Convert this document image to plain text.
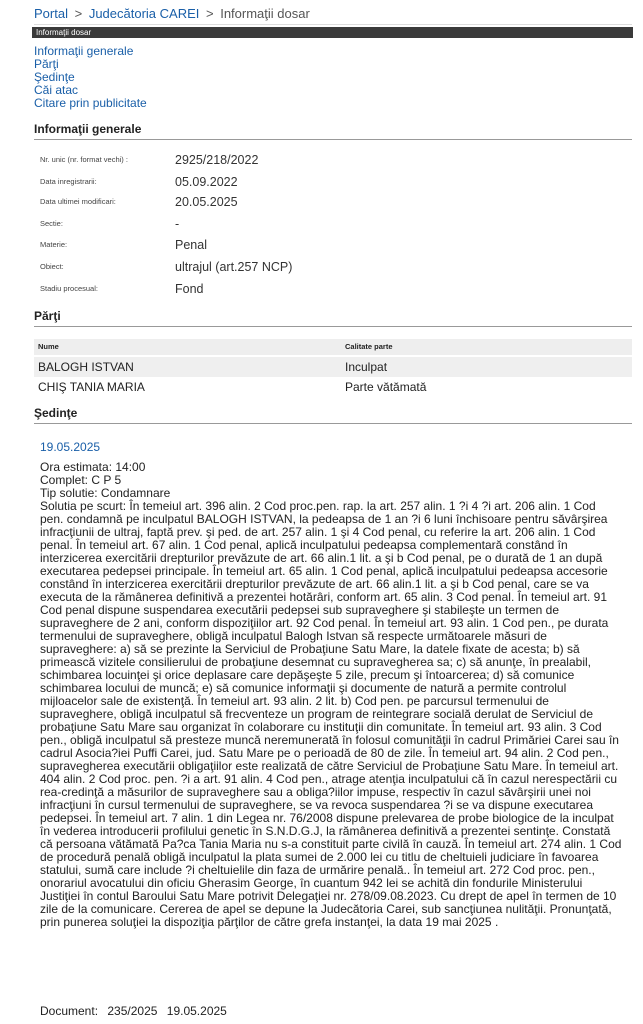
Portal > Judecătoria CAREI > Informaţii dosar
Informaţii dosar
Informaţii generale
Părţi
Şedinţe
Căi atac
Citare prin publicitate
Informaţii generale
Nr. unic (nr. format vechi) :	2925/218/2022
Data inregistrarii:	05.09.2022
Data ultimei modificari:	20.05.2025
Sectie:	-
Materie:	Penal
Obiect:	ultrajul (art.257 NCP)
Stadiu procesual:	Fond
Părţi
Nume	Calitate parte
BALOGH ISTVAN	Inculpat
CHIŞ TANIA MARIA	Parte vătămată
Şedinţe
19.05.2025
Ora estimata: 14:00
Complet: C P 5
Tip solutie: Condamnare
Solutia pe scurt: În temeiul art. 396 alin. 2 Cod proc.pen. rap. la art. 257 alin. 1 ?i 4 ?i art. 206 alin. 1 Cod pen. condamnă pe inculpatul BALOGH ISTVAN, la pedeapsa de 1 an ?i 6 luni închisoare pentru săvârşirea infracţiunii de ultraj, faptă prev. şi ped. de art. 257 alin. 1 şi 4 Cod penal, cu referire la art. 206 alin. 1 Cod penal. În temeiul art. 67 alin. 1 Cod penal, aplică inculpatului pedeapsa complementară constând în interzicerea exercitării drepturilor prevăzute de art. 66 alin.1 lit. a şi b Cod penal, pe o durată de 1 an după executarea pedepsei principale. În temeiul art. 65 alin. 1 Cod penal, aplică inculpatului pedeapsa accesorie constând în interzicerea exercitării drepturilor prevăzute de art. 66 alin.1 lit. a şi b Cod penal, care se va executa de la rămânerea definitivă a prezentei hotărâri, conform art. 65 alin. 3 Cod penal. În temeiul art. 91 Cod penal dispune suspendarea executării pedepsei sub supraveghere şi stabileşte un termen de supraveghere de 2 ani, conform dispoziţiilor art. 92 Cod penal. În temeiul art. 93 alin. 1 Cod pen., pe durata termenului de supraveghere, obligă inculpatul Balogh Istvan să respecte următoarele măsuri de supraveghere: a) să se prezinte la Serviciul de Probaţiune Satu Mare, la datele fixate de acesta; b) să primească vizitele consilierului de probaţiune desemnat cu supravegherea sa; c) să anunţe, în prealabil, schimbarea locuinţei şi orice deplasare care depăşeşte 5 zile, precum şi întoarcerea; d) să comunice schimbarea locului de muncă; e) să comunice informaţii şi documente de natură a permite controlul mijloacelor sale de existenţă. În temeiul art. 93 alin. 2 lit. b) Cod pen. pe parcursul termenului de supraveghere, obligă inculpatul să frecventeze un program de reintegrare socială derulat de Serviciul de probaţiune Satu Mare sau organizat în colaborare cu instituţii din comunitate. În temeiul art. 93 alin. 3 Cod pen., obligă inculpatul să presteze muncă neremunerată în folosul comunităţii în cadrul Primăriei Carei sau în cadrul Asocia?iei Puffi Carei, jud. Satu Mare pe o perioadă de 80 de zile. În temeiul art. 94 alin. 2 Cod pen., supravegherea executării obligaţiilor este realizată de către Serviciul de Probaţiune Satu Mare. În temeiul art. 404 alin. 2 Cod proc. pen. ?i a art. 91 alin. 4 Cod pen., atrage atenţia inculpatului că în cazul nerespectării cu rea-credinţă a măsurilor de supraveghere sau a obliga?iilor impuse, respectiv în cazul săvârşirii unei noi infracţiuni în cursul termenului de supraveghere, se va revoca suspendarea ?i se va dispune executarea pedepsei. În temeiul art. 7 alin. 1 din Legea nr. 76/2008 dispune prelevarea de probe biologice de la inculpat în vederea introducerii profilului genetic în S.N.D.G.J, la rămânerea definitivă a prezentei sentinţe. Constată că persoana vătămată Pa?ca Tania Maria nu s-a constituit parte civilă în cauză. În temeiul art. 274 alin. 1 Cod de procedură penală obligă inculpatul la plata sumei de 2.000 lei cu titlu de cheltuieli judiciare în favoarea statului, sumă care include ?i cheltuielile din faza de urmărire penală.. În temeiul art. 272 Cod proc. pen., onorariul avocatului din oficiu Gherasim George, în cuantum 942 lei se achită din fondurile Ministerului Justiţiei în contul Baroului Satu Mare potrivit Delegaţiei nr. 278/09.08.2023. Cu drept de apel în termen de 10 zile de la comunicare. Cererea de apel se depune la Judecătoria Carei, sub sancţiunea nulităţii. Pronunţată, prin punerea soluţiei la dispoziţia părţilor de către grefa instanţei, la data 19 mai 2025 .
Document: 235/2025 19.05.2025
